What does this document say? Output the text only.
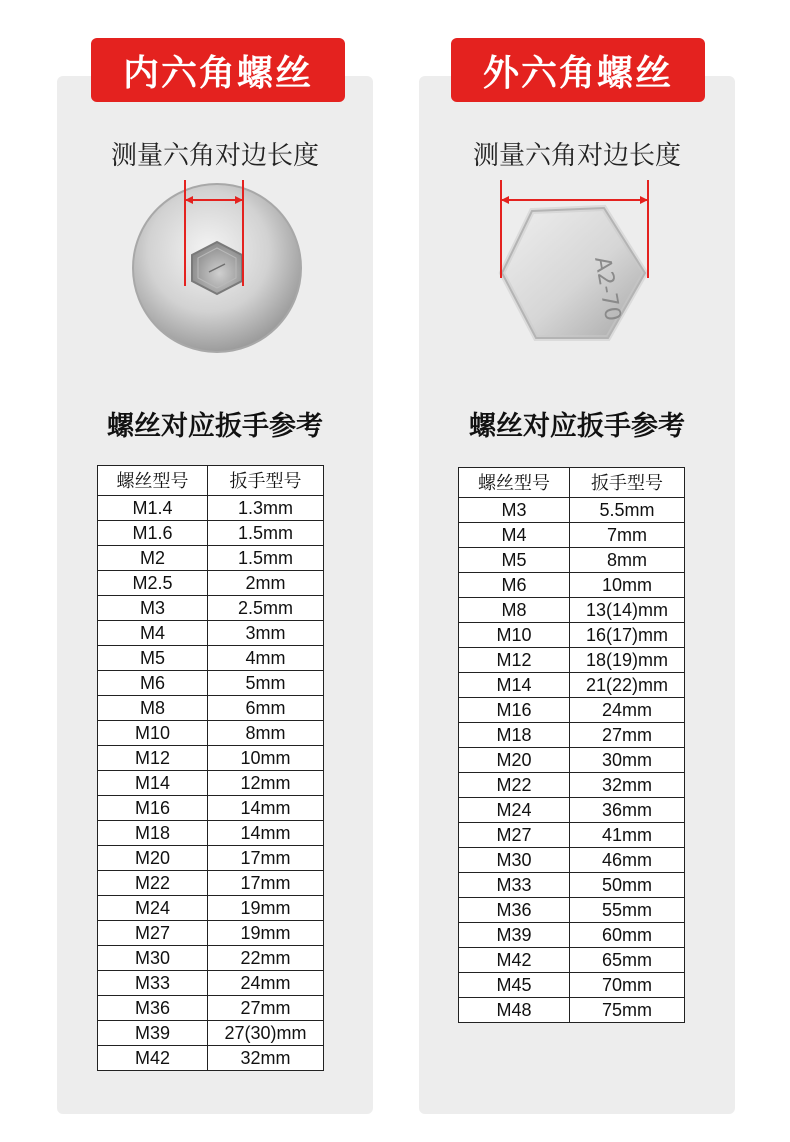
内六角螺丝	外六角螺丝
测量六角对边长度	测量六角对边长度
A2-70
螺丝对应扳手参考	螺丝对应扳手参考
螺丝型号	扳手型号
M1.4	1.3mm
M1.6	1.5mm
M2	1.5mm
M2.5	2mm
M3	2.5mm
M4	3mm
M5	4mm
M6	5mm
M8	6mm
M10	8mm
M12	10mm
M14	12mm
M16	14mm
M18	14mm
M20	17mm
M22	17mm
M24	19mm
M27	19mm
M30	22mm
M33	24mm
M36	27mm
M39	27(30)mm
M42	32mm
螺丝型号	扳手型号
M3	5.5mm
M4	7mm
M5	8mm
M6	10mm
M8	13(14)mm
M10	16(17)mm
M12	18(19)mm
M14	21(22)mm
M16	24mm
M18	27mm
M20	30mm
M22	32mm
M24	36mm
M27	41mm
M30	46mm
M33	50mm
M36	55mm
M39	60mm
M42	65mm
M45	70mm
M48	75mm
